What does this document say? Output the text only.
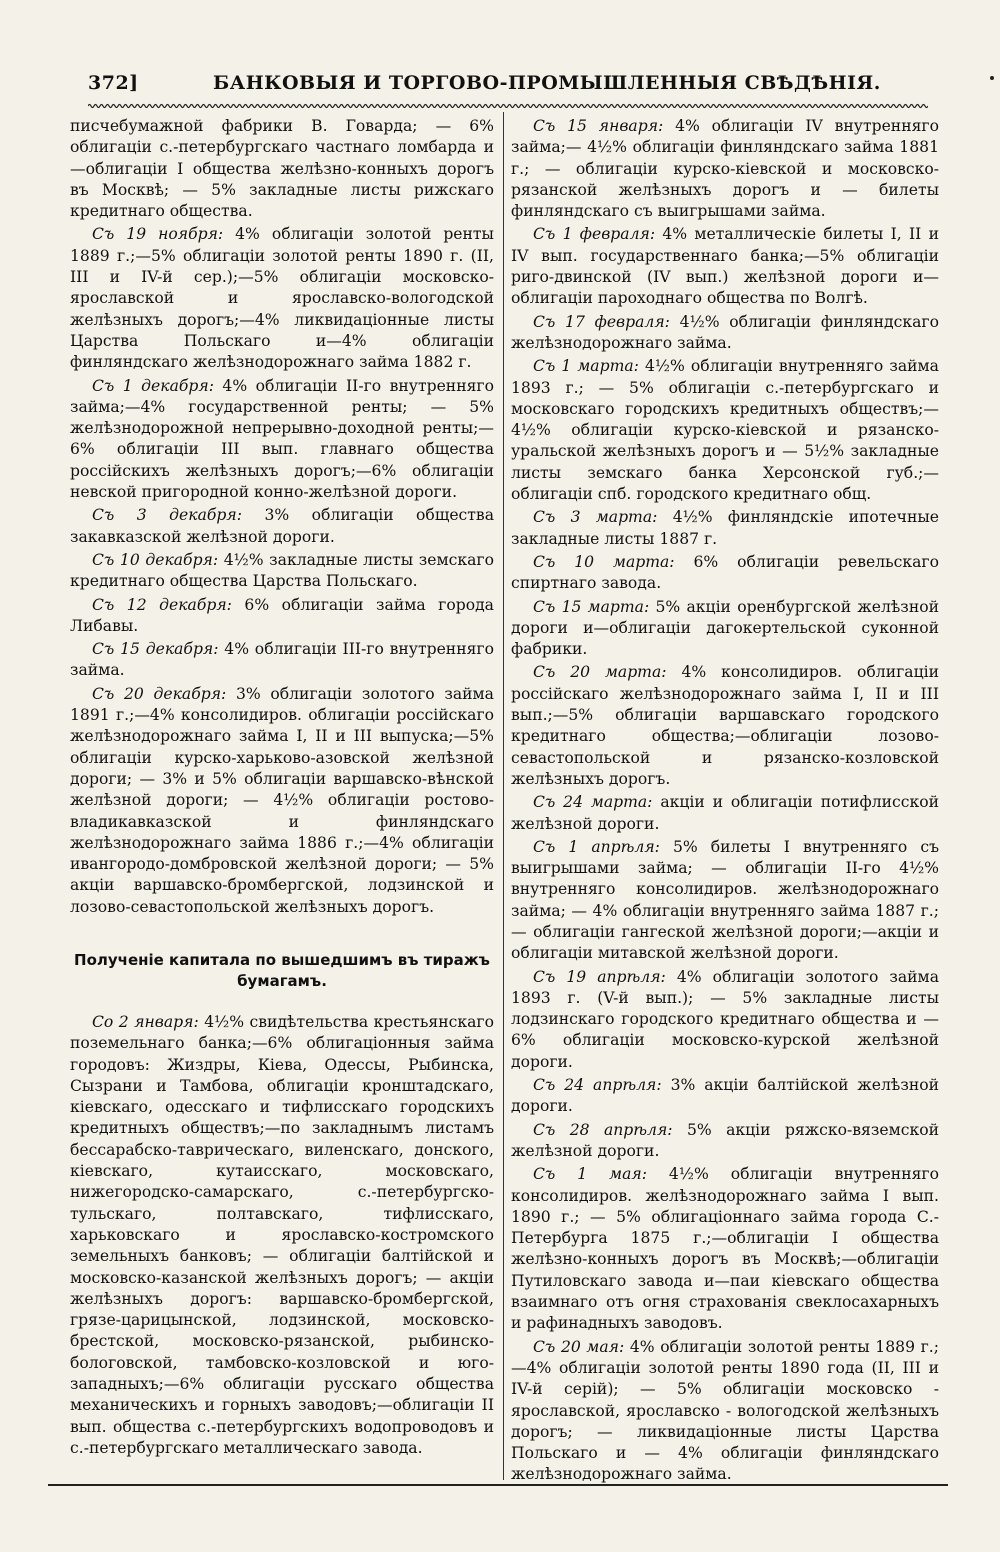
372]	БАНКОВЫЯ И ТОРГОВО-ПРОМЫШЛЕННЫЯ СВѢДѢНІЯ.

писчебумажной фабрики В. Говарда; — 6% облигаціи с.-петербургскаго частнаго ломбарда и—облигаціи I общества желѣзно-конныхъ дорогъ въ Москвѣ; — 5% закладные листы рижскаго кредитнаго общества.

Съ 19 ноября: 4% облигаціи золотой ренты 1889 г.;—5% облигаціи золотой ренты 1890 г. (II, III и IV-й сер.);—5% облигаціи московско-ярославской и ярославско-вологодской желѣзныхъ дорогъ;—4% ликвидаціонные листы Царства Польскаго и—4% облигаціи финляндскаго желѣзнодорожнаго займа 1882 г.

Съ 1 декабря: 4% облигаціи II-го внутренняго займа;—4% государственной ренты; — 5% желѣзнодорожной непрерывно-доходной ренты;—6% облигаціи III вып. главнаго общества россійскихъ желѣзныхъ дорогъ;—6% облигаціи невской пригородной конно-желѣзной дороги.

Съ 3 декабря: 3% облигаціи общества закавказской желѣзной дороги.

Съ 10 декабря: 4½% закладные листы земскаго кредитнаго общества Царства Польскаго.

Съ 12 декабря: 6% облигаціи займа города Либавы.

Съ 15 декабря: 4% облигаціи III-го внутренняго займа.

Съ 20 декабря: 3% облигаціи золотого займа 1891 г.;—4% консолидиров. облигаціи россійскаго желѣзнодорожнаго займа I, II и III выпуска;—5% облигаціи курско-харьково-азовской желѣзной дороги; — 3% и 5% облигаціи варшавско-вѣнской желѣзной дороги; — 4½% облигаціи ростово-владикавказской и финляндскаго желѣзнодорожнаго займа 1886 г.;—4% облигаціи ивангородо-домбровской желѣзной дороги; — 5% акціи варшавско-бромбергской, лодзинской и лозово-севастопольской желѣзныхъ дорогъ.

Полученіе капитала по вышедшимъ въ тиражъ бумагамъ.

Со 2 января: 4½% свидѣтельства крестьянскаго поземельнаго банка;—6% облигаціонныя займа городовъ: Жиздры, Кіева, Одессы, Рыбинска, Сызрани и Тамбова, облигаціи кронштадскаго, кіевскаго, одесскаго и тифлисскаго городскихъ кредитныхъ обществъ;—по закладнымъ листамъ бессарабско-таврическаго, виленскаго, донского, кіевскаго, кутаисскаго, московскаго, нижегородско-самарскаго, с.-петербургско-тульскаго, полтавскаго, тифлисскаго, харьковскаго и ярославско-костромского земельныхъ банковъ; — облигаціи балтійской и московско-казанской желѣзныхъ дорогъ; — акціи желѣзныхъ дорогъ: варшавско-бромбергской, грязе-царицынской, лодзинской, московско-брестской, московско-рязанской, рыбинско-бологовской, тамбовско-козловской и юго-западныхъ;—6% облигаціи русскаго общества механическихъ и горныхъ заводовъ;—облигаціи II вып. общества с.-петербургскихъ водопроводовъ и с.-петербургскаго металлическаго завода.

Съ 15 января: 4% облигаціи IV внутренняго займа;— 4½% облигаціи финляндскаго займа 1881 г.; — облигаціи курско-кіевской и московско-рязанской желѣзныхъ дорогъ и — билеты финляндскаго съ выигрышами займа.

Съ 1 февраля: 4% металлическіе билеты I, II и IV вып. государственнаго банка;—5% облигаціи риго-двинской (IV вып.) желѣзной дороги и—облигаціи пароходнаго общества по Волгѣ.

Съ 17 февраля: 4½% облигаціи финляндскаго желѣзнодорожнаго займа.

Съ 1 марта: 4½% облигаціи внутренняго займа 1893 г.; — 5% облигаціи с.-петербургскаго и московскаго городскихъ кредитныхъ обществъ;—4½% облигаціи курско-кіевской и рязанско-уральской желѣзныхъ дорогъ и — 5½% закладные листы земскаго банка Херсонской губ.;— облигаціи спб. городского кредитнаго общ.

Съ 3 марта: 4½% финляндскіе ипотечные закладные листы 1887 г.

Съ 10 марта: 6% облигаціи ревельскаго спиртнаго завода.

Съ 15 марта: 5% акціи оренбургской желѣзной дороги и—облигаціи дагокертельской суконной фабрики.

Съ 20 марта: 4% консолидиров. облигаціи россійскаго желѣзнодорожнаго займа I, II и III вып.;—5% облигаціи варшавскаго городского кредитнаго общества;—облигаціи лозово-севастопольской и рязанско-козловской желѣзныхъ дорогъ.

Съ 24 марта: акціи и облигаціи потифлисской желѣзной дороги.

Съ 1 апрѣля: 5% билеты I внутренняго съ выигрышами займа; — облигаціи II-го 4½% внутренняго консолидиров. желѣзнодорожнаго займа; — 4% облигаціи внутренняго займа 1887 г.; — облигаціи гангеской желѣзной дороги;—акціи и облигаціи митавской желѣзной дороги.

Съ 19 апрѣля: 4% облигаціи золотого займа 1893 г. (V-й вып.); — 5% закладные листы лодзинскаго городского кредитнаго общества и — 6% облигаціи московско-курской желѣзной дороги.

Съ 24 апрѣля: 3% акціи балтійской желѣзной дороги.

Съ 28 апрѣля: 5% акціи ряжско-вяземской желѣзной дороги.

Съ 1 мая: 4½% облигаціи внутренняго консолидиров. желѣзнодорожнаго займа I вып. 1890 г.; — 5% облигаціоннаго займа города С.-Петербурга 1875 г.;—облигаціи I общества желѣзно-конныхъ дорогъ въ Москвѣ;—облигаціи Путиловскаго завода и—паи кіевскаго общества взаимнаго отъ огня страхованія свеклосахарныхъ и рафинадныхъ заводовъ.

Съ 20 мая: 4% облигаціи золотой ренты 1889 г.;—4% облигаціи золотой ренты 1890 года (II, III и IV-й серій); — 5% облигаціи московско - ярославской, ярославско - вологодской желѣзныхъ дорогъ; — ликвидаціонные листы Царства Польскаго и — 4% облигаціи финляндскаго желѣзнодорожнаго займа.
